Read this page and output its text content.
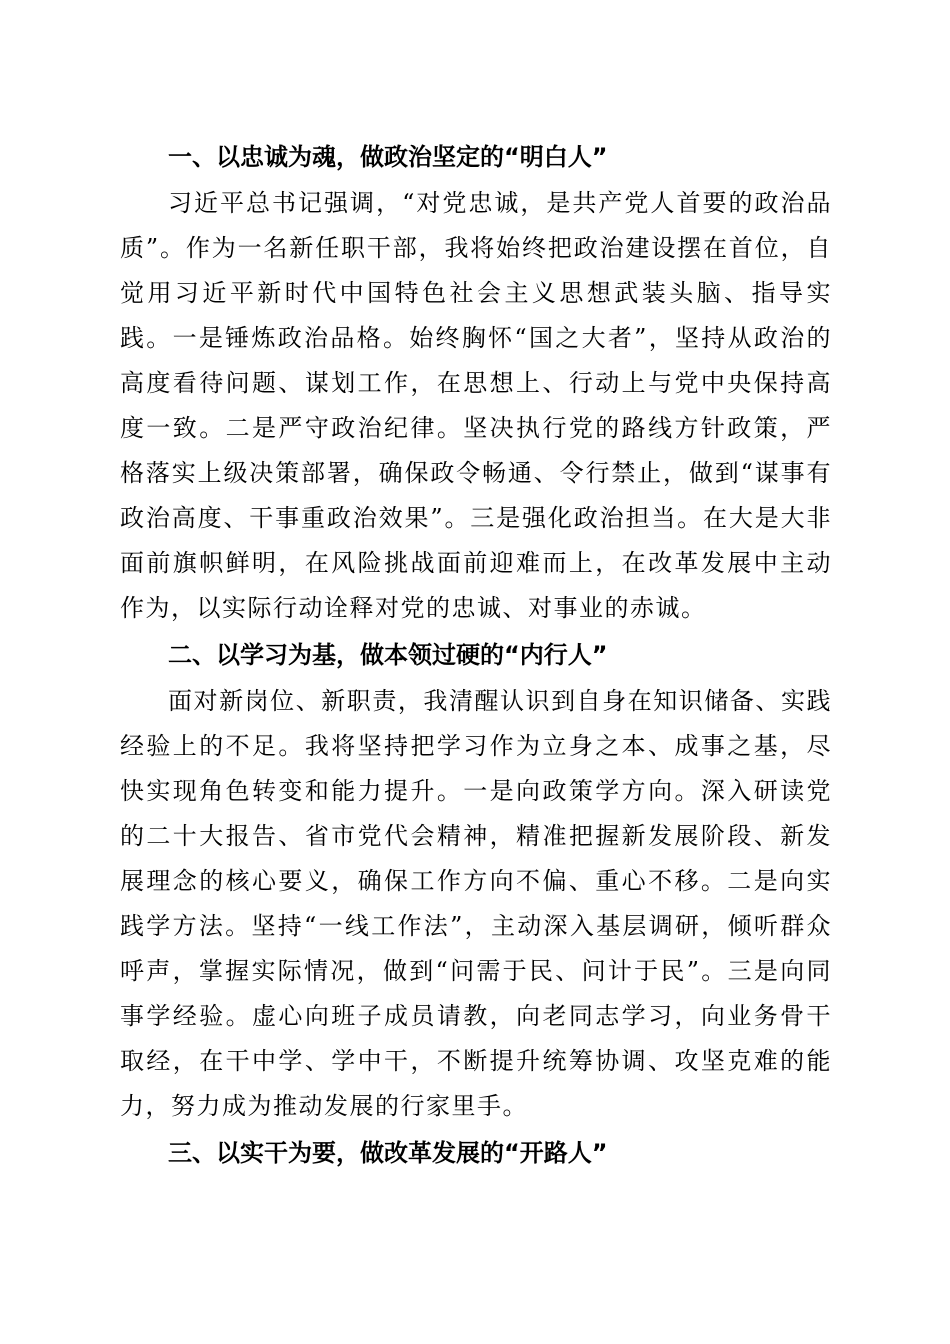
一、以忠诚为魂，做政治坚定的“明白人”

习近平总书记强调，“对党忠诚，是共产党人首要的政治品质”。作为一名新任职干部，我将始终把政治建设摆在首位，自觉用习近平新时代中国特色社会主义思想武装头脑、指导实践。一是锤炼政治品格。始终胸怀“国之大者”，坚持从政治的高度看待问题、谋划工作，在思想上、行动上与党中央保持高度一致。二是严守政治纪律。坚决执行党的路线方针政策，严格落实上级决策部署，确保政令畅通、令行禁止，做到“谋事有政治高度、干事重政治效果”。三是强化政治担当。在大是大非面前旗帜鲜明，在风险挑战面前迎难而上，在改革发展中主动作为，以实际行动诠释对党的忠诚、对事业的赤诚。

二、以学习为基，做本领过硬的“内行人”

面对新岗位、新职责，我清醒认识到自身在知识储备、实践经验上的不足。我将坚持把学习作为立身之本、成事之基，尽快实现角色转变和能力提升。一是向政策学方向。深入研读党的二十大报告、省市党代会精神，精准把握新发展阶段、新发展理念的核心要义，确保工作方向不偏、重心不移。二是向实践学方法。坚持“一线工作法”，主动深入基层调研，倾听群众呼声，掌握实际情况，做到“问需于民、问计于民”。三是向同事学经验。虚心向班子成员请教，向老同志学习，向业务骨干取经，在干中学、学中干，不断提升统筹协调、攻坚克难的能力，努力成为推动发展的行家里手。

三、以实干为要，做改革发展的“开路人”
